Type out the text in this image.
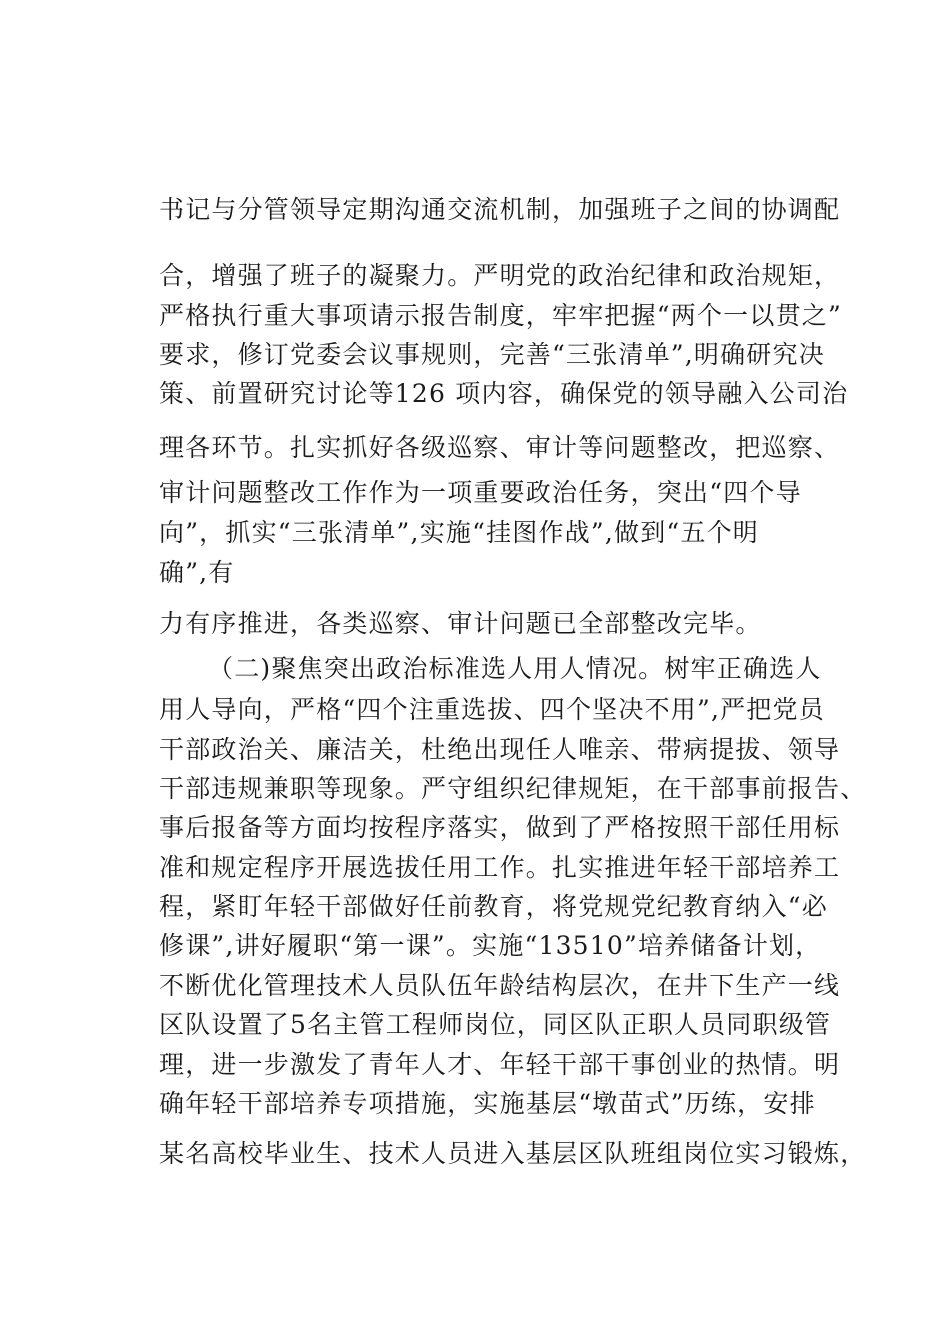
书记与分管领导定期沟通交流机制，加强班子之间的协调配
合，增强了班子的凝聚力。严明党的政治纪律和政治规矩，
严格执行重大事项请示报告制度，牢牢把握“两个一以贯之”
要求，修订党委会议事规则，完善“三张清单”,明确研究决
策、前置研究讨论等126 项内容，确保党的领导融入公司治
理各环节。扎实抓好各级巡察、审计等问题整改，把巡察、
审计问题整改工作作为一项重要政治任务，突出“四个导
向”，抓实“三张清单”,实施“挂图作战”,做到“五个明
确”,有
力有序推进，各类巡察、审计问题已全部整改完毕。
（二)聚焦突出政治标准选人用人情况。树牢正确选人
用人导向，严格“四个注重选拔、四个坚决不用”,严把党员
干部政治关、廉洁关，杜绝出现任人唯亲、带病提拔、领导
干部违规兼职等现象。严守组织纪律规矩，在干部事前报告、
事后报备等方面均按程序落实，做到了严格按照干部任用标
准和规定程序开展选拔任用工作。扎实推进年轻干部培养工
程，紧盯年轻干部做好任前教育，将党规党纪教育纳入“必
修课”,讲好履职“第一课”。实施“13510”培养储备计划，
不断优化管理技术人员队伍年龄结构层次，在井下生产一线
区队设置了5名主管工程师岗位，同区队正职人员同职级管
理，进一步激发了青年人才、年轻干部干事创业的热情。明
确年轻干部培养专项措施，实施基层“墩苗式”历练，安排
某名高校毕业生、技术人员进入基层区队班组岗位实习锻炼，
